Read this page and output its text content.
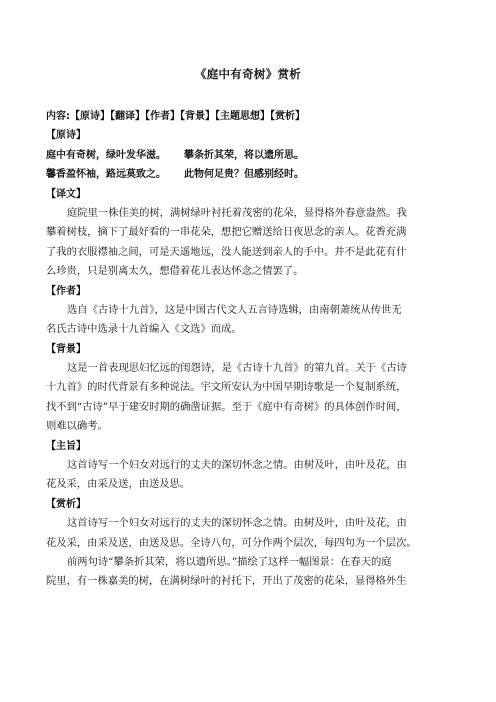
《庭中有奇树》赏析
内容:【原诗】【翻译】【作者】【背景】【主题思想】【赏析】
【原诗】
庭中有奇树，绿叶发华滋。 攀条折其荣，将以遗所思。
馨香盈怀袖，路远莫致之。 此物何足贵？但感别经时。
【译文】
庭院里一株佳美的树，满树绿叶衬托着茂密的花朵，显得格外春意盎然。我
攀着树枝，摘下了最好看的一串花朵，想把它赠送给日夜思念的亲人。花香充满
了我的衣服襟袖之间，可是天遥地远，没人能送到亲人的手中。并不是此花有什
么珍贵，只是别离太久，想借着花儿表达怀念之情罢了。
【作者】
选自《古诗十九首》，这是中国古代文人五言诗选辑，由南朝萧统从传世无
名氏古诗中选录十九首编入《文选》而成。
【背景】
这是一首表现思妇忆远的闺怨诗，是《古诗十九首》的第九首。关于《古诗
十九首》的时代背景有多种说法。宇文所安认为中国早期诗歌是一个复制系统，
找不到“古诗”早于建安时期的确凿证据。至于《庭中有奇树》的具体创作时间，
则难以确考。
【主旨】
这首诗写一个妇女对远行的丈夫的深切怀念之情。由树及叶，由叶及花，由
花及采，由采及送，由送及思。
【赏析】
这首诗写一个妇女对远行的丈夫的深切怀念之情。由树及叶，由叶及花，由
花及采，由采及送，由送及思。全诗八句，可分作两个层次，每四句为一个层次。
前两句诗“攀条折其荣，将以遗所思。”描绘了这样一幅图景：在春天的庭
院里，有一株嘉美的树，在满树绿叶的衬托下，开出了茂密的花朵，显得格外生
